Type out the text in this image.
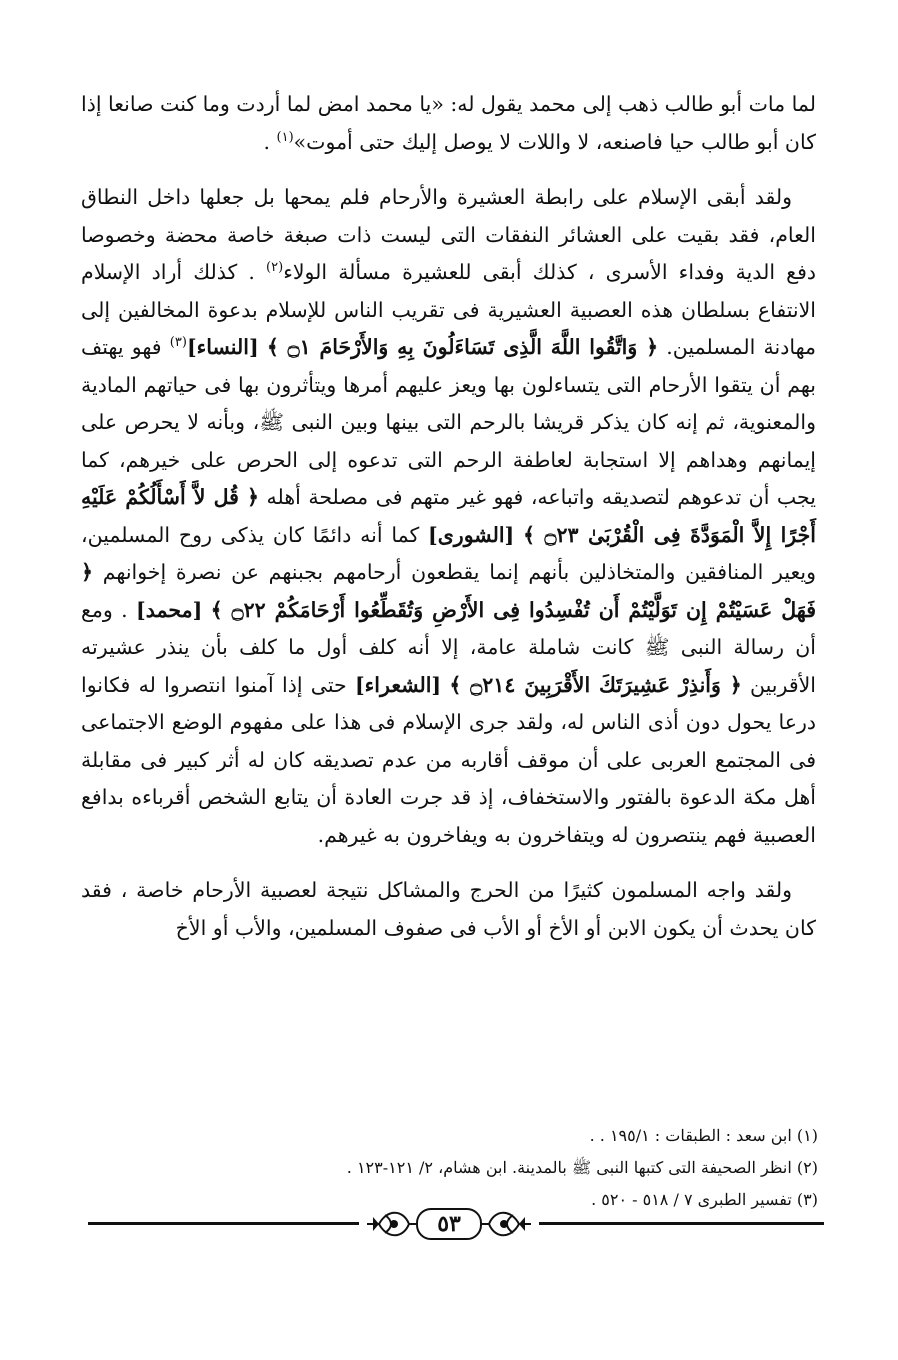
لما مات أبو طالب ذهب إلى محمد يقول له: «يا محمد امض لما أردت وما كنت صانعا إذا كان أبو طالب حيا فاصنعه، لا واللات لا يوصل إليك حتى أموت»$^{(١)}$ .

ولقد أبقى الإسلام على رابطة العشيرة والأرحام فلم يمحها بل جعلها داخل النطاق العام، فقد بقيت على العشائر النفقات التى ليست ذات صبغة خاصة محضة وخصوصا دفع الدية وفداء الأسرى ، كذلك أبقى للعشيرة مسألة الولاء$^{(٢)}$ . كذلك أراد الإسلام الانتفاع بسلطان هذه العصبية العشيرية فى تقريب الناس للإسلام بدعوة المخالفين إلى مهادنة المسلمين. ﴿ وَاتَّقُوا اللَّهَ الَّذِى تَسَاءَلُونَ بِهِ وَالأَرْحَامَ ۝١ ﴾ [النساء]$^{(٣)}$ فهو يهتف بهم أن يتقوا الأرحام التى يتساءلون بها ويعز عليهم أمرها ويتأثرون بها فى حياتهم المادية والمعنوية، ثم إنه كان يذكر قريشا بالرحم التى بينها وبين النبى ﷺ، وبأنه لا يحرص على إيمانهم وهداهم إلا استجابة لعاطفة الرحم التى تدعوه إلى الحرص على خيرهم، كما يجب أن تدعوهم لتصديقه واتباعه، فهو غير متهم فى مصلحة أهله ﴿ قُل لاَّ أَسْأَلُكُمْ عَلَيْهِ أَجْرًا إِلاَّ الْمَوَدَّةَ فِى الْقُرْبَىٰ ۝٢٣ ﴾ [الشورى] كما أنه دائمًا كان يذكى روح المسلمين، ويعير المنافقين والمتخاذلين بأنهم إنما يقطعون أرحامهم بجبنهم عن نصرة إخوانهم ﴿ فَهَلْ عَسَيْتُمْ إِن تَوَلَّيْتُمْ أَن تُفْسِدُوا فِى الأَرْضِ وَتُقَطِّعُوا أَرْحَامَكُمْ ۝٢٢ ﴾ [محمد] . ومع أن رسالة النبى ﷺ كانت شاملة عامة، إلا أنه كلف أول ما كلف بأن ينذر عشيرته الأقربين ﴿ وَأَنذِرْ عَشِيرَتَكَ الأَقْرَبِينَ ۝٢١٤ ﴾ [الشعراء] حتى إذا آمنوا انتصروا له فكانوا درعا يحول دون أذى الناس له، ولقد جرى الإسلام فى هذا على مفهوم الوضع الاجتماعى فى المجتمع العربى على أن موقف أقاربه من عدم تصديقه كان له أثر كبير فى مقابلة أهل مكة الدعوة بالفتور والاستخفاف، إذ قد جرت العادة أن يتابع الشخص أقرباءه بدافع العصبية فهم ينتصرون له ويتفاخرون به ويفاخرون به غيرهم.

ولقد واجه المسلمون كثيرًا من الحرج والمشاكل نتيجة لعصبية الأرحام خاصة ، فقد كان يحدث أن يكون الابن أو الأخ أو الأب فى صفوف المسلمين، والأب أو الأخ

(١) ابن سعد : الطبقات : ١٩٥/١ . .

(٢) انظر الصحيفة التى كتبها النبى ﷺ بالمدينة. ابن هشام، ٢/ ١٢١-١٢٣ .

(٣) تفسير الطبرى ٧ / ٥١٨ - ٥٢٠ .

٥٣
